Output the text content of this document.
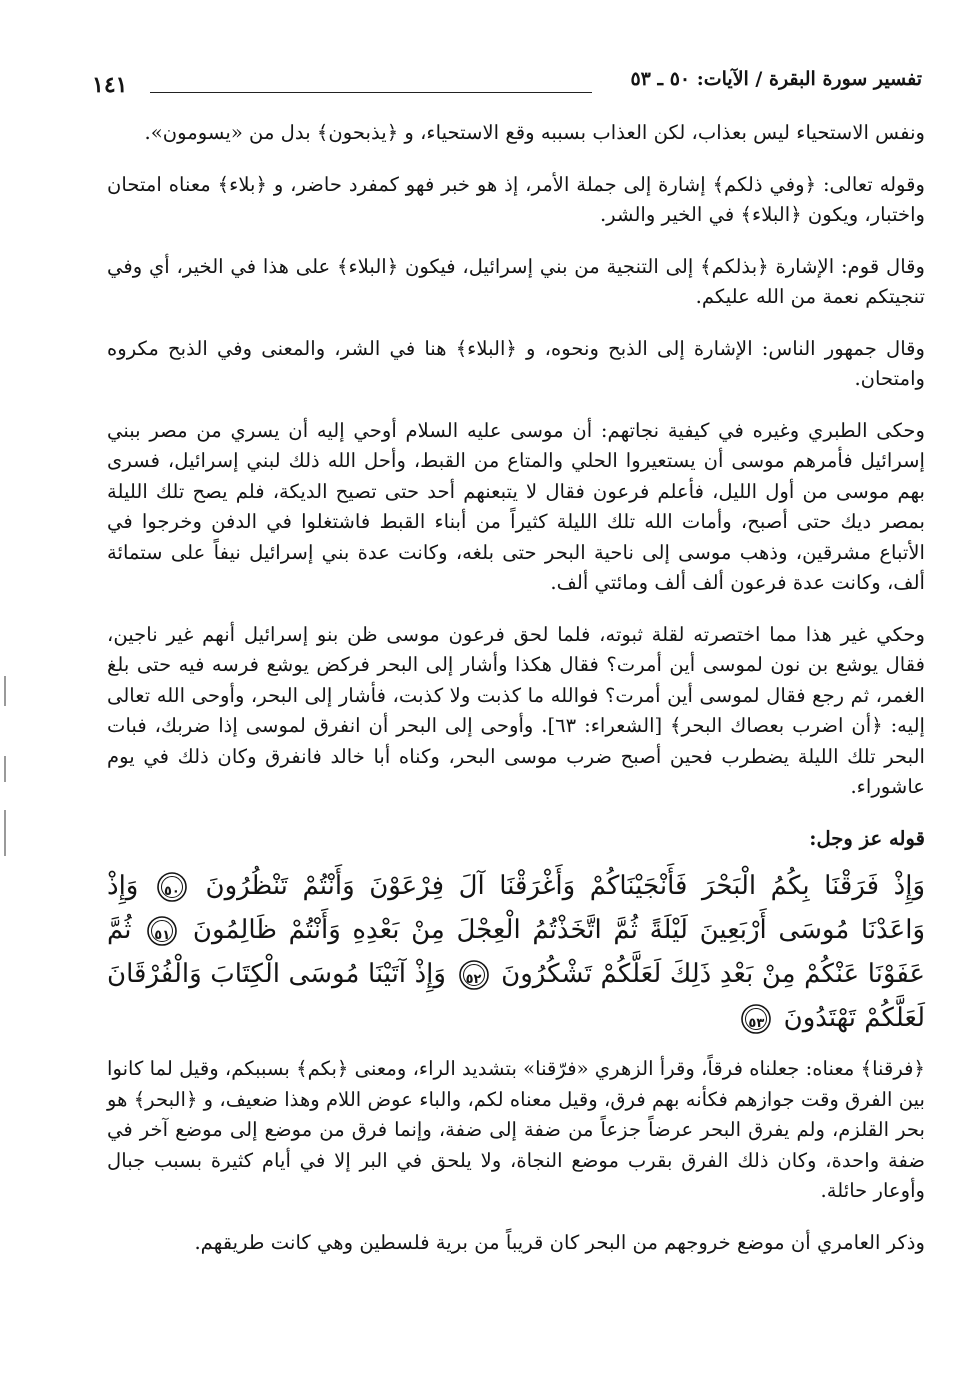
تفسير سورة البقرة / الآيات: ٥٠ ـ ٥٣
١٤١

ونفس الاستحياء ليس بعذاب، لكن العذاب بسببه وقع الاستحياء، و ﴿يذبحون﴾ بدل من «يسومون».

وقوله تعالى: ﴿وفي ذلكم﴾ إشارة إلى جملة الأمر، إذ هو خبر فهو كمفرد حاضر، و ﴿بلاء﴾ معناه امتحان واختبار، ويكون ﴿البلاء﴾ في الخير والشر.

وقال قوم: الإشارة ﴿بذلكم﴾ إلى التنجية من بني إسرائيل، فيكون ﴿البلاء﴾ على هذا في الخير، أي وفي تنجيتكم نعمة من الله عليكم.

وقال جمهور الناس: الإشارة إلى الذبح ونحوه، و ﴿البلاء﴾ هنا في الشر، والمعنى وفي الذبح مكروه وامتحان.

وحكى الطبري وغيره في كيفية نجاتهم: أن موسى عليه السلام أوحي إليه أن يسري من مصر ببني إسرائيل فأمرهم موسى أن يستعيروا الحلي والمتاع من القبط، وأحل الله ذلك لبني إسرائيل، فسرى بهم موسى من أول الليل، فأعلم فرعون فقال لا يتبعنهم أحد حتى تصيح الديكة، فلم يصح تلك الليلة بمصر ديك حتى أصبح، وأمات الله تلك الليلة كثيراً من أبناء القبط فاشتغلوا في الدفن وخرجوا في الأتباع مشرقين، وذهب موسى إلى ناحية البحر حتى بلغه، وكانت عدة بني إسرائيل نيفاً على ستمائة ألف، وكانت عدة فرعون ألف ألف ومائتي ألف.

وحكي غير هذا مما اختصرته لقلة ثبوته، فلما لحق فرعون موسى ظن بنو إسرائيل أنهم غير ناجين، فقال يوشع بن نون لموسى أين أمرت؟ فقال هكذا وأشار إلى البحر فركض يوشع فرسه فيه حتى بلغ الغمر، ثم رجع فقال لموسى أين أمرت؟ فوالله ما كذبت ولا كذبت، فأشار إلى البحر، وأوحى الله تعالى إليه: ﴿أن اضرب بعصاك البحر﴾ [الشعراء: ٦٣]. وأوحى إلى البحر أن انفرق لموسى إذا ضربك، فبات البحر تلك الليلة يضطرب فحين أصبح ضرب موسى البحر، وكناه أبا خالد فانفرق وكان ذلك في يوم عاشوراء.

قوله عز وجل:

وَإِذْ فَرَقْنَا بِكُمُ الْبَحْرَ فَأَنْجَيْنَاكُمْ وَأَغْرَقْنَا آلَ فِرْعَوْنَ وَأَنْتُمْ تَنْظُرُونَ
٥٠ وَإِذْ وَاعَدْنَا مُوسَى أَرْبَعِينَ لَيْلَةً ثُمَّ اتَّخَذْتُمُ الْعِجْلَ مِنْ بَعْدِهِ وَأَنْتُمْ ظَالِمُونَ
٥١ ثُمَّ عَفَوْنَا عَنْكُمْ مِنْ بَعْدِ ذَلِكَ لَعَلَّكُمْ تَشْكُرُونَ
٥٢ وَإِذْ آتَيْنَا مُوسَى الْكِتَابَ وَالْفُرْقَانَ لَعَلَّكُمْ تَهْتَدُونَ
٥٣

﴿فرقنا﴾ معناه: جعلناه فرقاً، وقرأ الزهري «فرّقنا» بتشديد الراء، ومعنى ﴿بكم﴾ بسببكم، وقيل لما كانوا بين الفرق وقت جوازهم فكأنه بهم فرق، وقيل معناه لكم، والباء عوض اللام وهذا ضعيف، و ﴿البحر﴾ هو بحر القلزم، ولم يفرق البحر عرضاً جزعاً من ضفة إلى ضفة، وإنما فرق من موضع إلى موضع آخر في ضفة واحدة، وكان ذلك الفرق بقرب موضع النجاة، ولا يلحق في البر إلا في أيام كثيرة بسبب جبال وأوعار حائلة.

وذكر العامري أن موضع خروجهم من البحر كان قريباً من برية فلسطين وهي كانت طريقهم.
